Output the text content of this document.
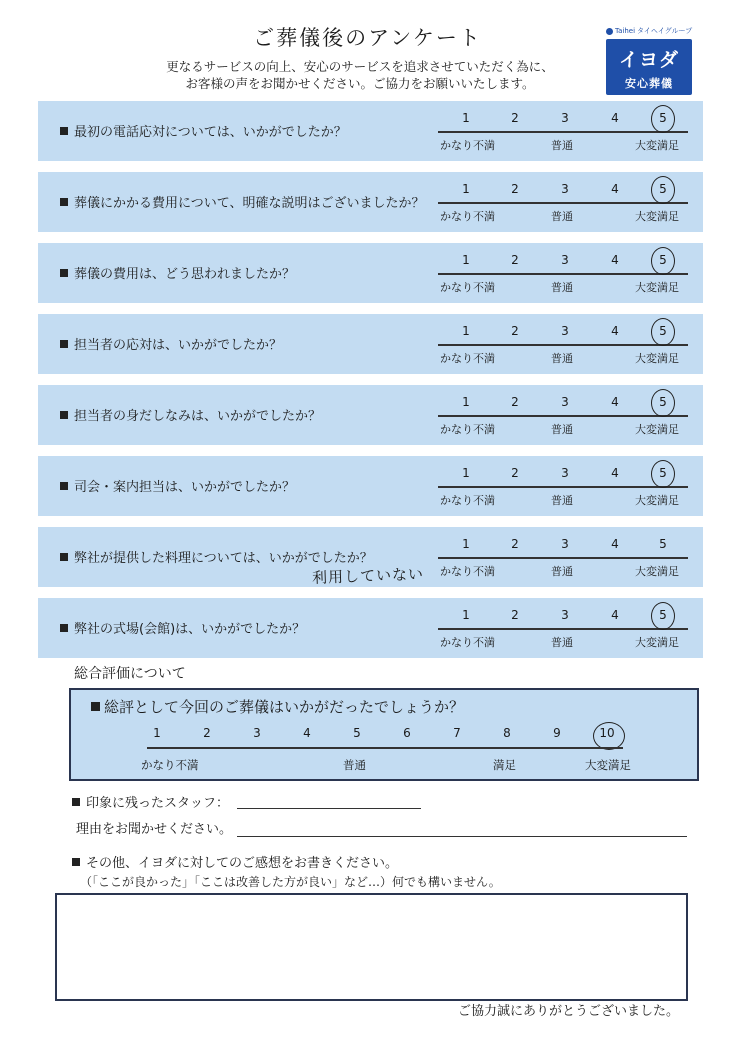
ご葬儀後のアンケート
更なるサービスの向上、安心のサービスを追求させていただく為に、
お客様の声をお聞かせください。ご協力をお願いいたします。
Taihei タイヘイグループ
イヨダ
安心葬儀
最初の電話応対については、いかがでしたか？
1	2	3	4	5
かなり不満	普通	大変満足
葬儀にかかる費用について、明確な説明はございましたか？
1	2	3	4	5
かなり不満	普通	大変満足
葬儀の費用は、どう思われましたか？
1	2	3	4	5
かなり不満	普通	大変満足
担当者の応対は、いかがでしたか？
1	2	3	4	5
かなり不満	普通	大変満足
担当者の身だしなみは、いかがでしたか？
1	2	3	4	5
かなり不満	普通	大変満足
司会・案内担当は、いかがでしたか？
1	2	3	4	5
かなり不満	普通	大変満足
弊社が提供した料理については、いかがでしたか？
1	2	3	4	5
かなり不満	普通	大変満足
弊社の式場(会館)は、いかがでしたか？
1	2	3	4	5
かなり不満	普通	大変満足
利用していない
総合評価について
総評として今回のご葬儀はいかがだったでしょうか？
1	2	3	4	5	6	7	8	9	10
かなり不満	普通	満足	大変満足
印象に残ったスタッフ：
理由をお聞かせください。
その他、イヨダに対してのご感想をお書きください。
（「ここが良かった」「ここは改善した方が良い」など…）何でも構いません。
ご協力誠にありがとうございました。
